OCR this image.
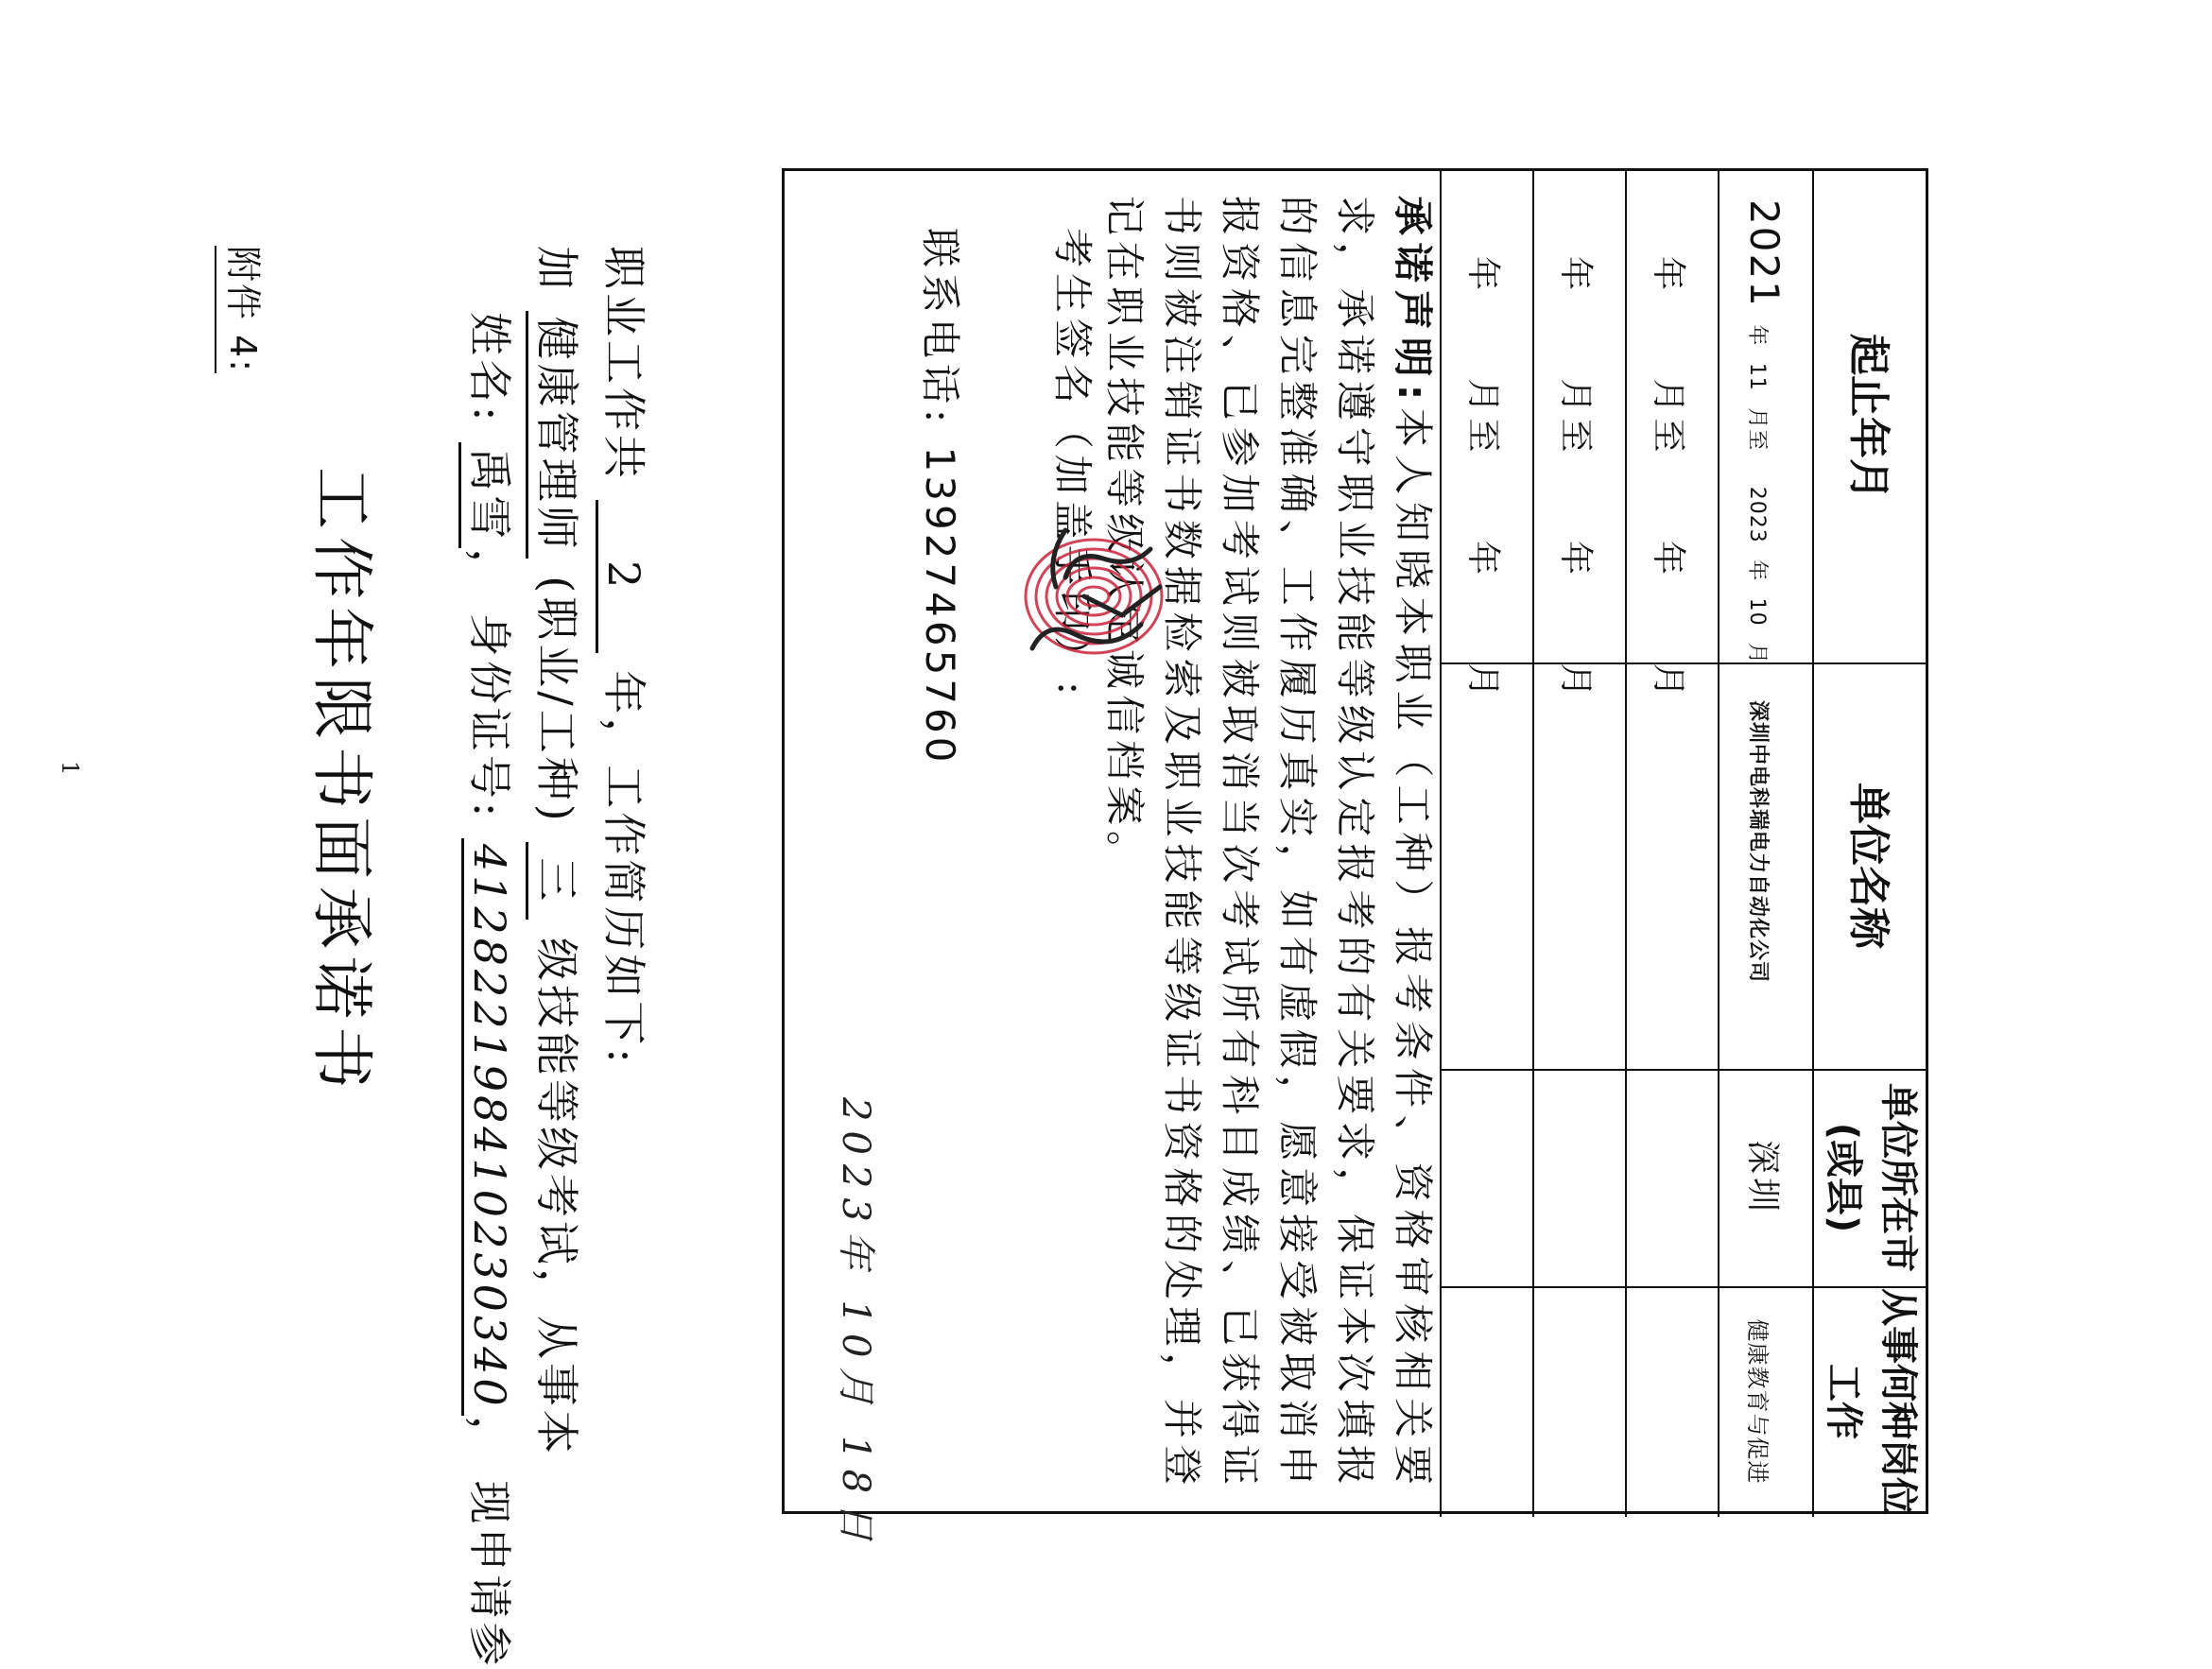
附件 4:
工作年限书面承诺书
姓名: 禹雪， 身份证号: 412822198410230340， 现申请参
加 健康管理师 (职业/工种) 三 级技能等级考试，从事本
职业工作共 2 年，工作简历如下:
起止年月
单位名称
单位所在市(或县)
从事何种岗位工作
2021 年 11 月至 2023 年 10 月
深圳中电科瑞电力自动化公司
深圳
健康教育与促进
年 月至 年 月
年 月至 年 月
年 月至 年 月
承诺声明:本人知晓本职业（工种）报考条件、资格审核相关要求，承诺遵守职业技能等级认定报考的有关要求，保证本次填报的信息完整准确、工作履历真实，如有虚假，愿意接受被取消申报资格、已参加考试则被取消当次考试所有科目成绩、已获得证书则被注销证书数据检索及职业技能等级证书资格的处理，并登记在职业技能等级认定诚信档案。
考生签名（加盖手印）:
联系电话: 13927465760
2023年 10月 18日
1
